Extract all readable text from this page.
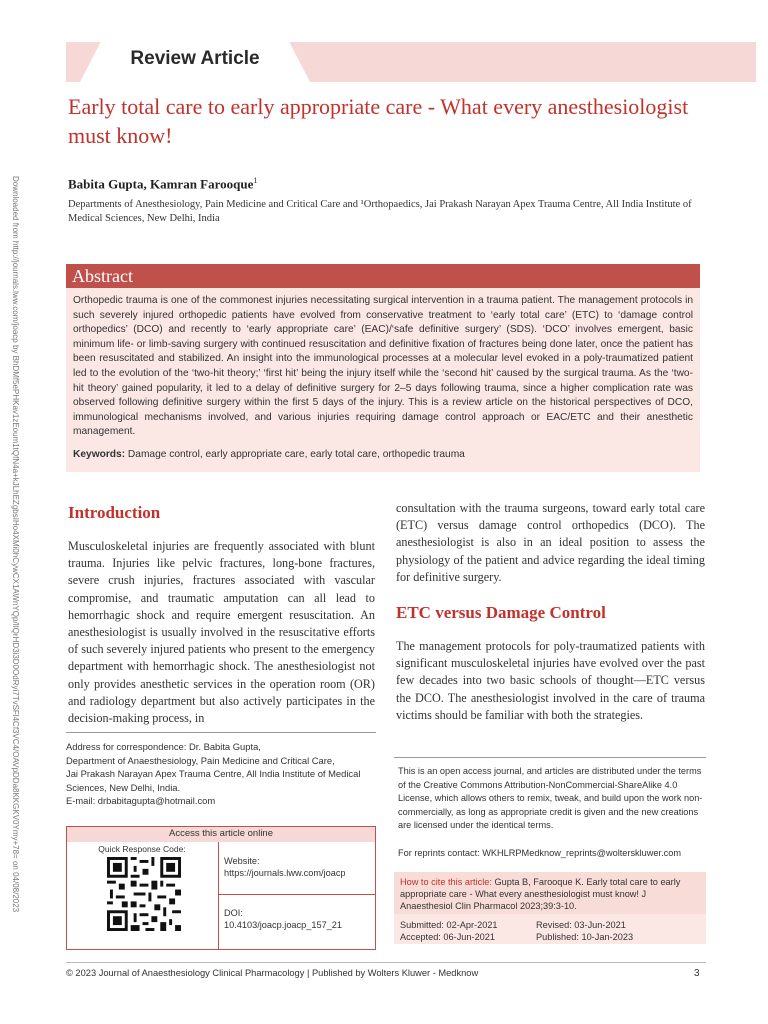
Review Article
Downloaded from http://journals.lww.com/joacp by BhDMf5ePHKav1zEoum1tQfN4a+kJLhEZgbsIHo4XMi0hCywCX1AWnYQp/IlQrHD3i3D0OdRyi7TvSFl4Cf3VC4/OAVpDDa8KKGKV0Ymy+78= on 04/08/2023
Early total care to early appropriate care - What every anesthesiologist must know!
Babita Gupta, Kamran Farooque$^1$
Departments of Anesthesiology, Pain Medicine and Critical Care and ¹Orthopaedics, Jai Prakash Narayan Apex Trauma Centre, All India Institute of Medical Sciences, New Delhi, India
Abstract
Orthopedic trauma is one of the commonest injuries necessitating surgical intervention in a trauma patient. The management protocols in such severely injured orthopedic patients have evolved from conservative treatment to ‘early total care’ (ETC) to ‘damage control orthopedics’ (DCO) and recently to ‘early appropriate care’ (EAC)/‘safe definitive surgery’ (SDS). ‘DCO’ involves emergent, basic minimum life- or limb-saving surgery with continued resuscitation and definitive fixation of fractures being done later, once the patient has been resuscitated and stabilized. An insight into the immunological processes at a molecular level evoked in a poly-traumatized patient led to the evolution of the ‘two-hit theory;’ ‘first hit’ being the injury itself while the ‘second hit’ caused by the surgical trauma. As the ‘two-hit theory’ gained popularity, it led to a delay of definitive surgery for 2–5 days following trauma, since a higher complication rate was observed following definitive surgery within the first 5 days of the injury. This is a review article on the historical perspectives of DCO, immunological mechanisms involved, and various injuries requiring damage control approach or EAC/ETC and their anesthetic management.
Keywords: Damage control, early appropriate care, early total care, orthopedic trauma
Introduction
Musculoskeletal injuries are frequently associated with blunt trauma. Injuries like pelvic fractures, long-bone fractures, severe crush injuries, fractures associated with vascular compromise, and traumatic amputation can all lead to hemorrhagic shock and require emergent resuscitation. An anesthesiologist is usually involved in the resuscitative efforts of such severely injured patients who present to the emergency department with hemorrhagic shock. The anesthesiologist not only provides anesthetic services in the operation room (OR) and radiology department but also actively participates in the decision-making process, in
consultation with the trauma surgeons, toward early total care (ETC) versus damage control orthopedics (DCO). The anesthesiologist is also in an ideal position to assess the physiology of the patient and advice regarding the ideal timing for definitive surgery.
ETC versus Damage Control
The management protocols for poly-traumatized patients with significant musculoskeletal injuries have evolved over the past few decades into two basic schools of thought—ETC versus the DCO. The anesthesiologist involved in the care of trauma victims should be familiar with both the strategies.
Address for correspondence: Dr. Babita Gupta,
Department of Anaesthesiology, Pain Medicine and Critical Care,
Jai Prakash Narayan Apex Trauma Centre, All India Institute of Medical
Sciences, New Delhi, India.
E-mail: drbabitagupta@hotmail.com
Access this article online
Quick Response Code:
Website:
https://journals.lww.com/joacp
DOI:
10.4103/joacp.joacp_157_21
This is an open access journal, and articles are distributed under the terms of the Creative Commons Attribution-NonCommercial-ShareAlike 4.0 License, which allows others to remix, tweak, and build upon the work non-commercially, as long as appropriate credit is given and the new creations are licensed under the identical terms.
For reprints contact: WKHLRPMedknow_reprints@wolterskluwer.com
How to cite this article: Gupta B, Farooque K. Early total care to early appropriate care - What every anesthesiologist must know! J Anaesthesiol Clin Pharmacol 2023;39:3-10.
Submitted: 02-Apr-2021	Revised: 03-Jun-2021
Accepted: 06-Jun-2021	Published: 10-Jan-2023
© 2023 Journal of Anaesthesiology Clinical Pharmacology | Published by Wolters Kluwer - Medknow	3
